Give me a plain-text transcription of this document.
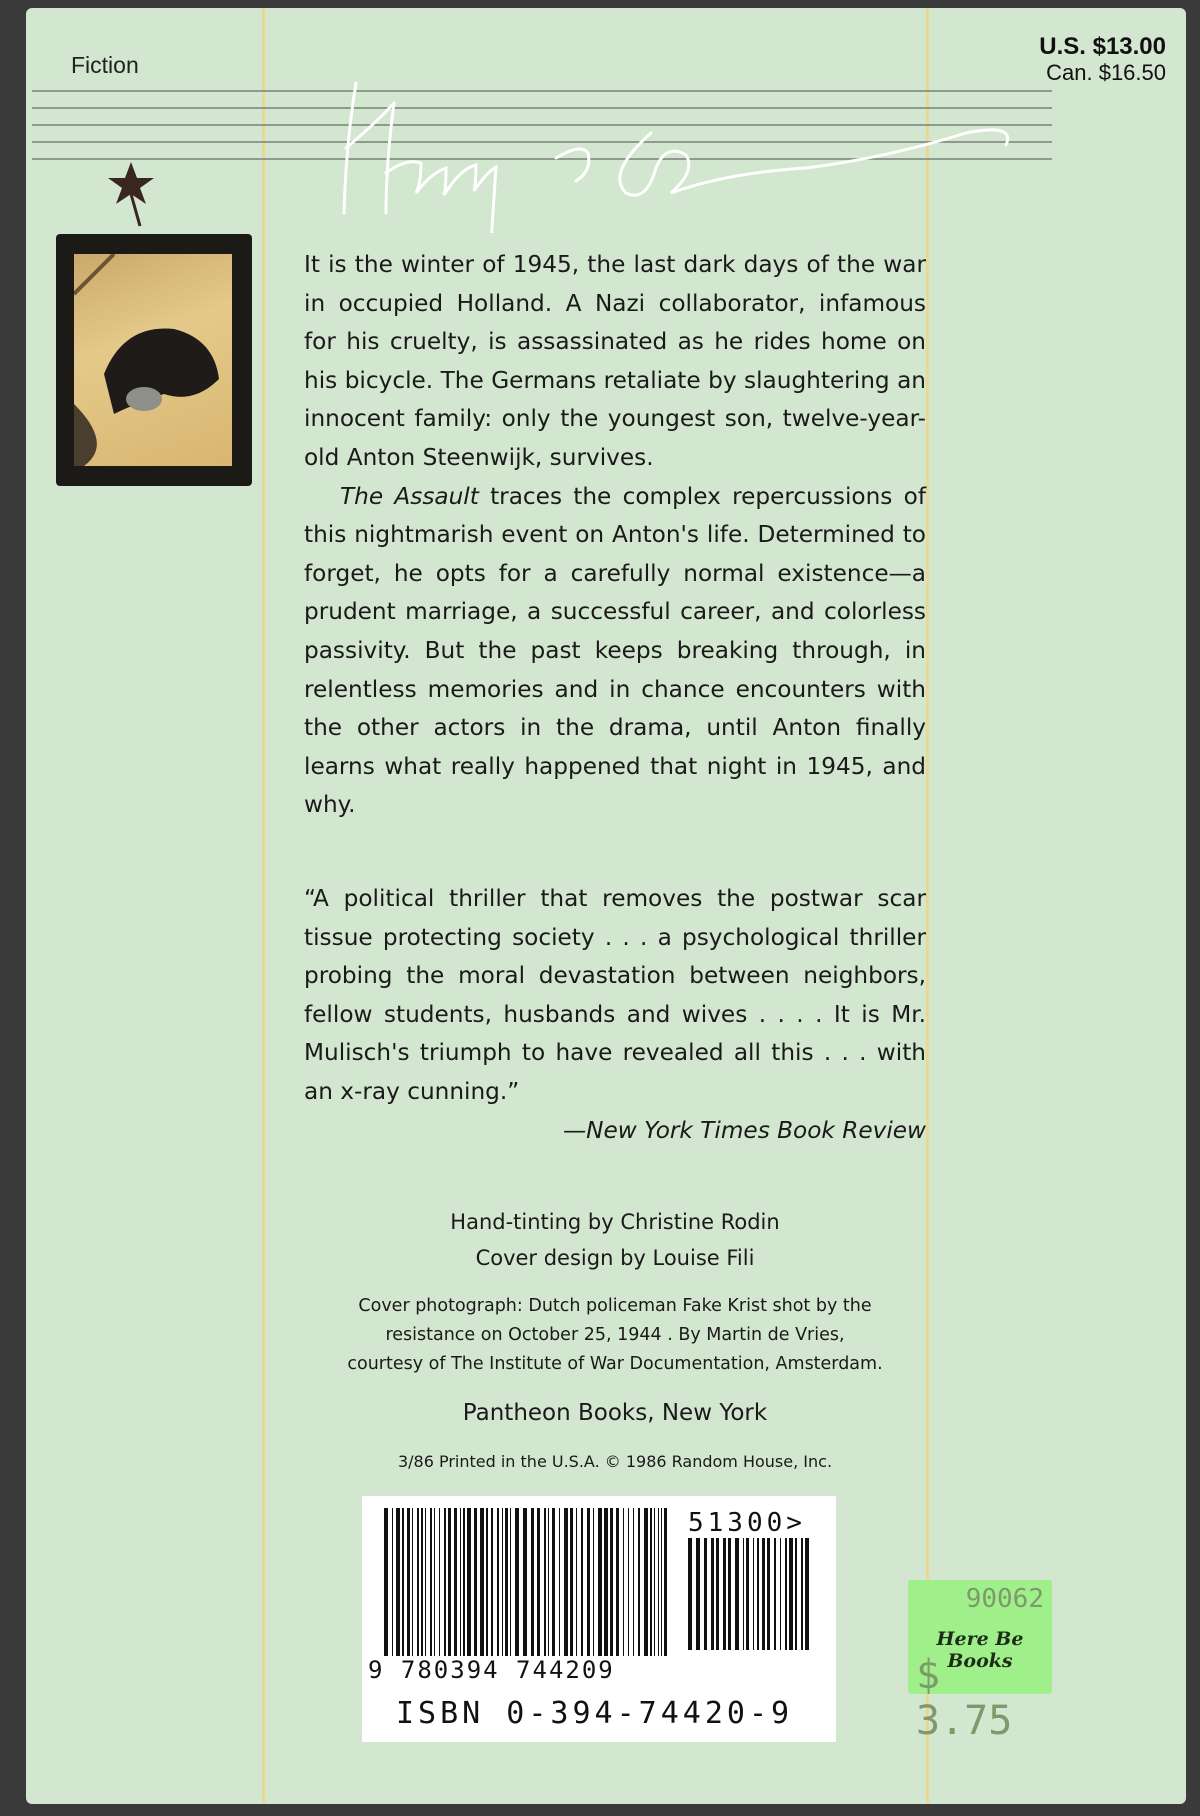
Fiction
U.S. $13.00
Can. $16.50

It is the winter of 1945, the last dark days of the war in occupied Holland. A Nazi collaborator, infamous for his cruelty, is assassinated as he rides home on his bicycle. The Germans retaliate by slaughtering an innocent family: only the youngest son, twelve-year-old Anton Steenwijk, survives.

The Assault traces the complex repercussions of this nightmarish event on Anton's life. Determined to forget, he opts for a carefully normal existence—a prudent marriage, a successful career, and colorless passivity. But the past keeps breaking through, in relentless memories and in chance encounters with the other actors in the drama, until Anton finally learns what really happened that night in 1945, and why.

“A political thriller that removes the postwar scar tissue protecting society . . . a psychological thriller probing the moral devastation between neighbors, fellow students, husbands and wives . . . . It is Mr. Mulisch's triumph to have revealed all this . . . with an x-ray cunning.”

—New York Times Book Review

Hand-tinting by Christine Rodin
Cover design by Louise Fili
Cover photograph: Dutch policeman Fake Krist shot by the
resistance on October 25, 1944 . By Martin de Vries,
courtesy of The Institute of War Documentation, Amsterdam.
Pantheon Books, New York
3/86 Printed in the U.S.A. © 1986 Random House, Inc.
51300>
9 780394 744209
ISBN 0-394-74420-9
90062
Here Be Books
$ 3.75
